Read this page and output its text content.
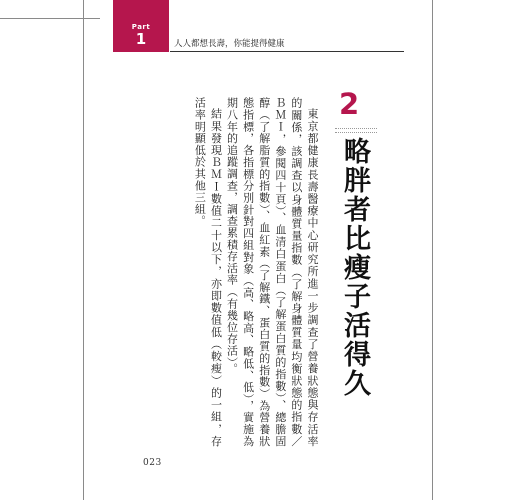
Part
1	人人都想長壽，你能提得健康
2
略胖者比瘦子活得久

東京都健康長壽醫療中心研究所進一步調查了營養狀態與存活率的關係，該調查以身體質量指數（了解身體質量均衡狀態的指數／ＢＭＩ，參閱四十頁）、血清白蛋白（了解蛋白質的指數）、總膽固醇（了解脂質的指數）、血紅素（了解鐵、蛋白質的指數）為營養狀態指標，各指標分別針對四組對象（高、略高、略低、低），實施為期八年的追蹤調查，調查累積存活率（有幾位存活）。

結果發現ＢＭＩ數值二十以下，亦即數值低（較瘦）的一組，存活率明顯低於其他三組。

023
